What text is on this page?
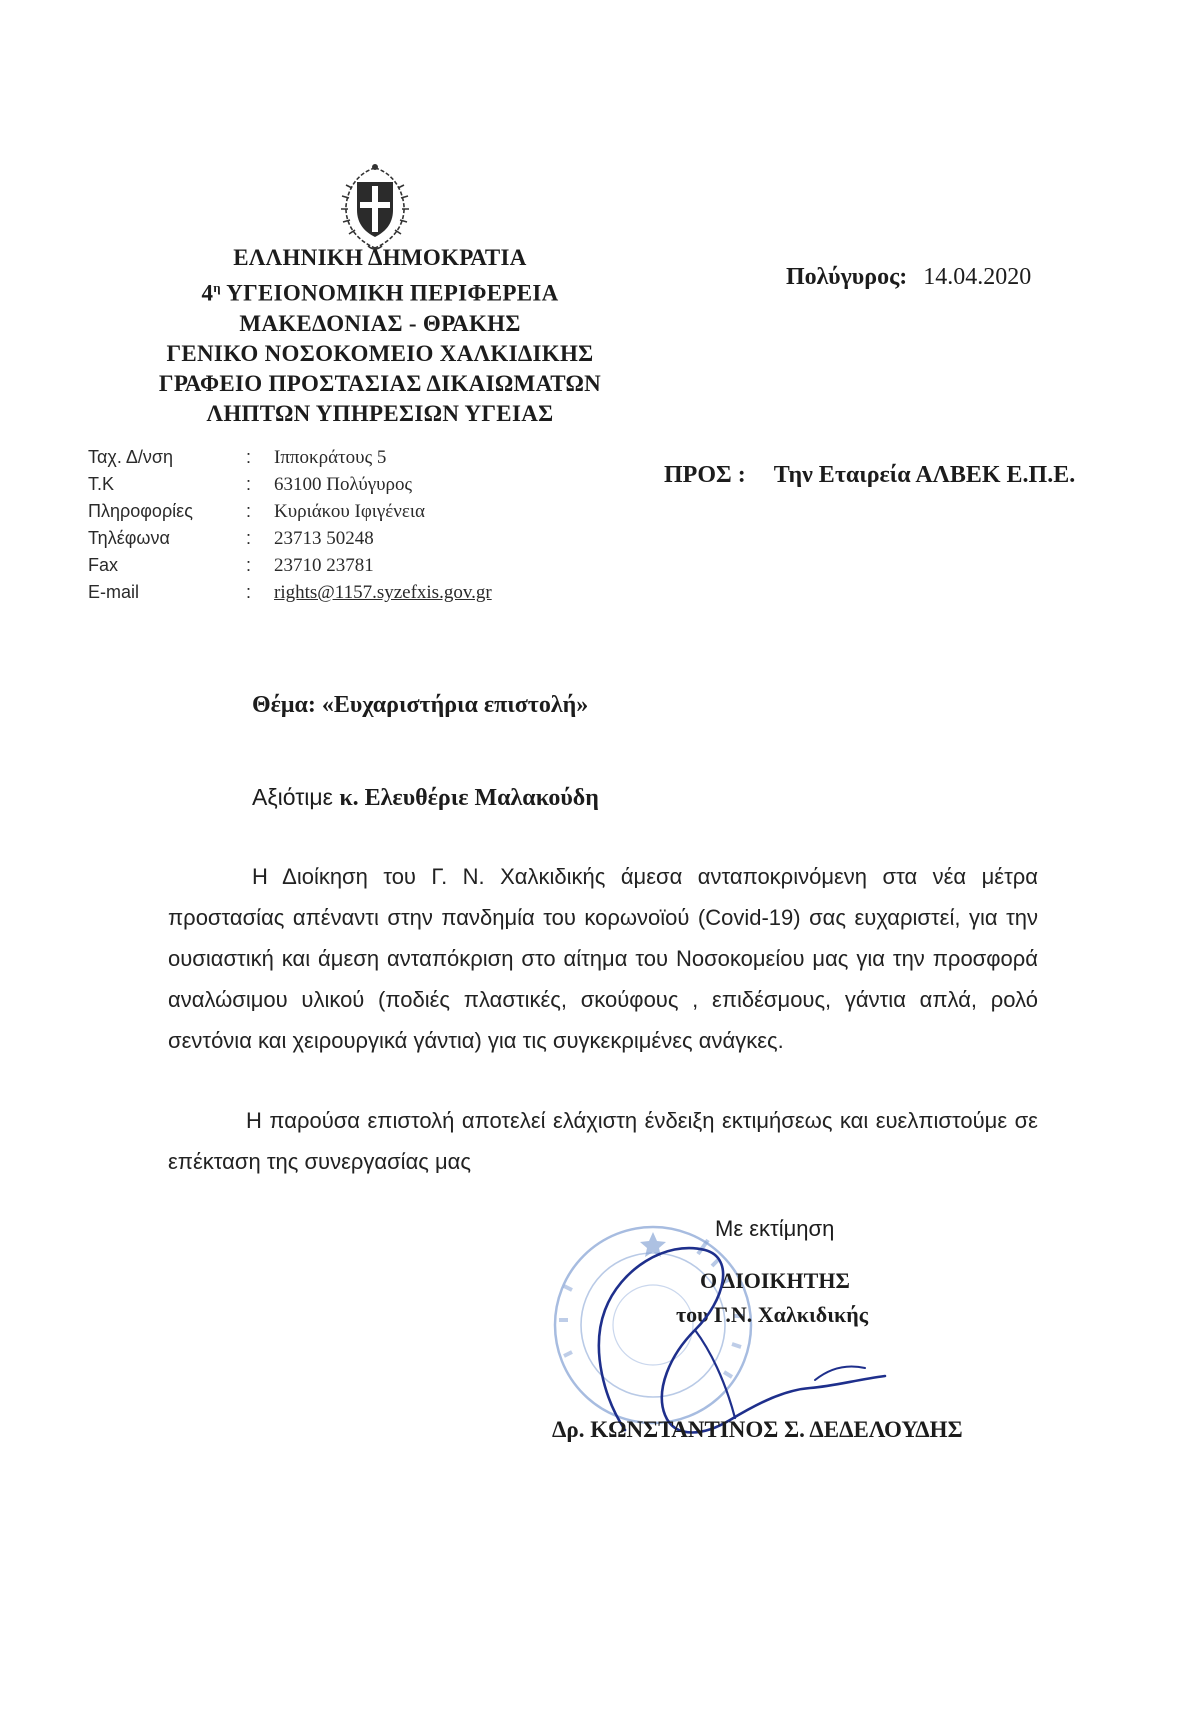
ΕΛΛΗΝΙΚΗ ΔΗΜΟΚΡΑΤΙΑ
$4^\eta$ ΥΓΕΙΟΝΟΜΙΚΗ ΠΕΡΙΦΕΡΕΙΑ
ΜΑΚΕΔΟΝΙΑΣ - ΘΡΑΚΗΣ
ΓΕΝΙΚΟ ΝΟΣΟΚΟΜΕΙΟ ΧΑΛΚΙΔΙΚΗΣ
ΓΡΑΦΕΙΟ ΠΡΟΣΤΑΣΙΑΣ ΔΙΚΑΙΩΜΑΤΩΝ
ΛΗΠΤΩΝ ΥΠΗΡΕΣΙΩΝ ΥΓΕΙΑΣ
Πολύγυρος: 14.04.2020
Ταχ. Δ/νση	:	Ιπποκράτους 5
Τ.Κ	:	63100 Πολύγυρος
Πληροφορίες	:	Κυριάκου Ιφιγένεια
Τηλέφωνα	:	23713 50248
Fax	:	23710 23781
E-mail	:	rights@1157.syzefxis.gov.gr
ΠΡΟΣ : Την Εταιρεία ΑΛΒΕΚ Ε.Π.Ε.
Θέμα: «Ευχαριστήρια επιστολή»
Αξιότιμε κ. Ελευθέριε Μαλακούδη
Η Διοίκηση του Γ. Ν. Χαλκιδικής άμεσα ανταποκρινόμενη στα νέα μέτρα προστασίας απέναντι στην πανδημία του κορωνοϊού (Covid-19) σας ευχαριστεί, για την ουσιαστική και άμεση ανταπόκριση στο αίτημα του Νοσοκομείου μας για την προσφορά αναλώσιμου υλικού (ποδιές πλαστικές, σκούφους , επιδέσμους, γάντια απλά, ρολό σεντόνια και χειρουργικά γάντια) για τις συγκεκριμένες ανάγκες.
Η παρούσα επιστολή αποτελεί ελάχιστη ένδειξη εκτιμήσεως και ευελπιστούμε σε επέκταση της συνεργασίας μας
Με εκτίμηση
Ο ΔΙΟΙΚΗΤΗΣ
του Γ.Ν. Χαλκιδικής
Δρ. ΚΩΝΣΤΑΝΤΙΝΟΣ Σ. ΔΕΔΕΛΟΥΔΗΣ
